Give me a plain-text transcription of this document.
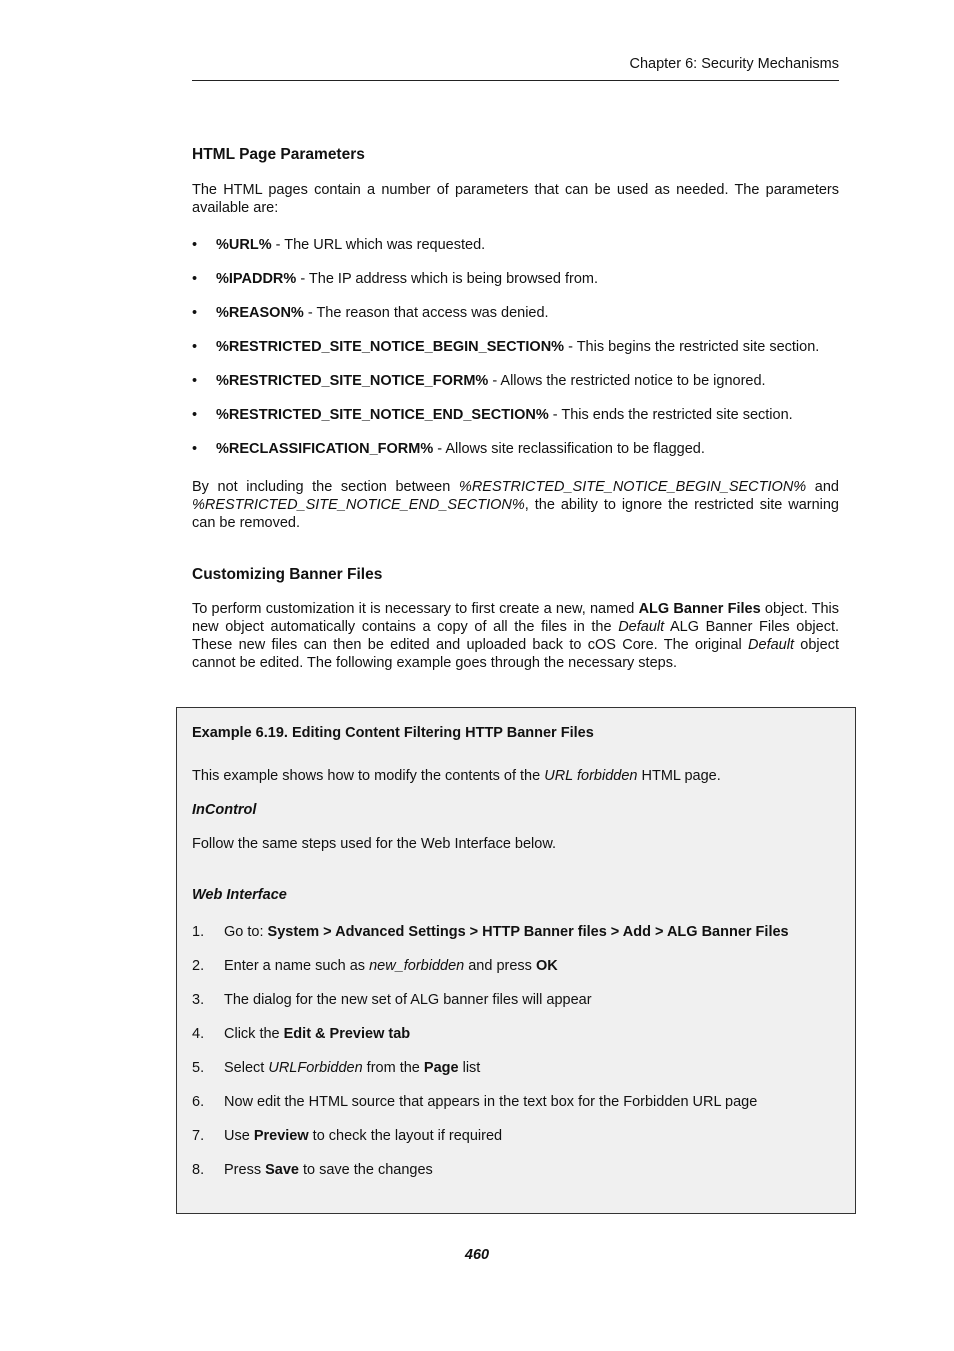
Chapter 6: Security Mechanisms
HTML Page Parameters

The HTML pages contain a number of parameters that can be used as needed. The parameters available are:

• %URL% - The URL which was requested.
• %IPADDR% - The IP address which is being browsed from.
• %REASON% - The reason that access was denied.
• %RESTRICTED_SITE_NOTICE_BEGIN_SECTION% - This begins the restricted site section.
• %RESTRICTED_SITE_NOTICE_FORM% - Allows the restricted notice to be ignored.
• %RESTRICTED_SITE_NOTICE_END_SECTION% - This ends the restricted site section.
• %RECLASSIFICATION_FORM% - Allows site reclassification to be flagged.

By not including the section between %RESTRICTED_SITE_NOTICE_BEGIN_SECTION% and %RESTRICTED_SITE_NOTICE_END_SECTION%, the ability to ignore the restricted site warning can be removed.

Customizing Banner Files

To perform customization it is necessary to first create a new, named ALG Banner Files object. This new object automatically contains a copy of all the files in the Default ALG Banner Files object. These new files can then be edited and uploaded back to cOS Core. The original Default object cannot be edited. The following example goes through the necessary steps.

Example 6.19. Editing Content Filtering HTTP Banner Files

This example shows how to modify the contents of the URL forbidden HTML page.

InControl

Follow the same steps used for the Web Interface below.

Web Interface
1. Go to: System > Advanced Settings > HTTP Banner files > Add > ALG Banner Files
2. Enter a name such as new_forbidden and press OK
3. The dialog for the new set of ALG banner files will appear
4. Click the Edit & Preview tab
5. Select URLForbidden from the Page list
6. Now edit the HTML source that appears in the text box for the Forbidden URL page
7. Use Preview to check the layout if required
8. Press Save to save the changes
460
